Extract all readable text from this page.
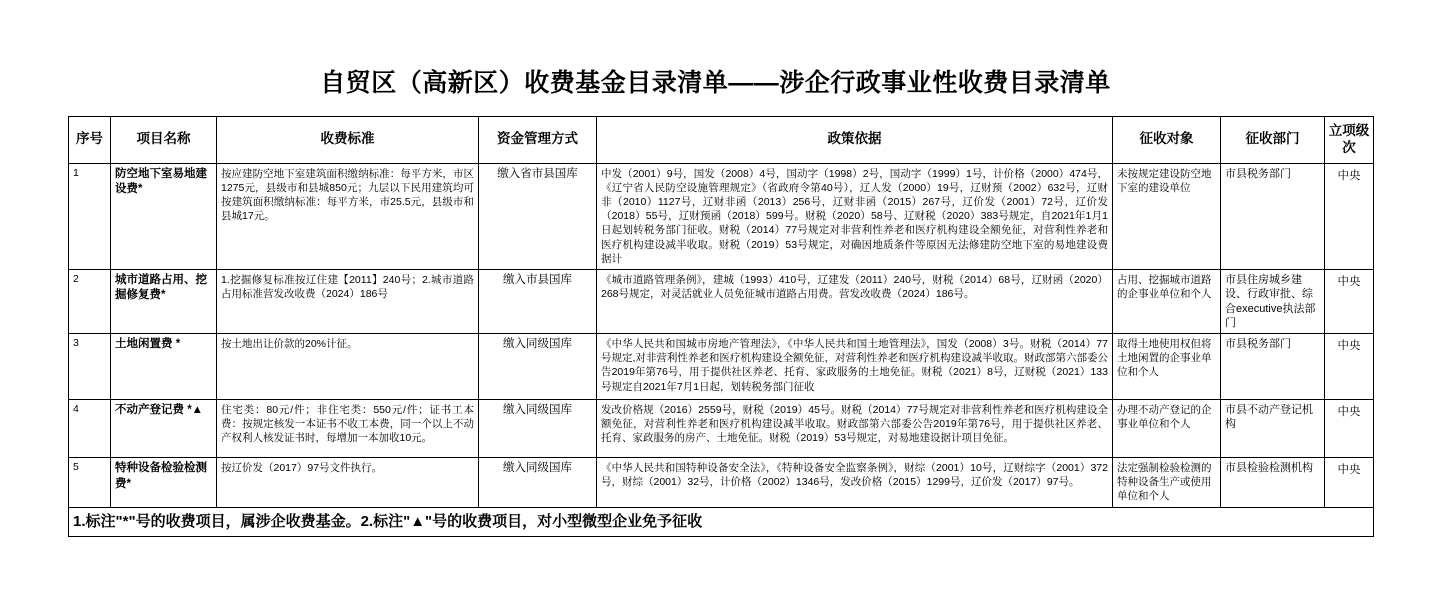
自贸区（高新区）收费基金目录清单——涉企行政事业性收费目录清单
序号	项目名称	收费标准	资金管理方式	政策依据	征收对象	征收部门	立项级次
1	防空地下室易地建设费*	按应建防空地下室建筑面积缴纳标准：每平方米，市区1275元，县级市和县城850元；九层以下民用建筑均可按建筑面积缴纳标准：每平方米，市25.5元，县级市和县城17元。	缴入省市县国库	中发（2001）9号，国发（2008）4号，国动字（1998）2号，国动字（1999）1号，计价格（2000）474号，《辽宁省人民防空设施管理规定》（省政府令第40号），辽人发（2000）19号，辽财预（2002）632号，辽财非（2010）1127号，辽财非函（2013）256号，辽财非函（2015）267号，辽价发（2001）72号，辽价发（2018）55号，辽财预函（2018）599号。财税（2020）58号、辽财税（2020）383号规定，自2021年1月1日起划转税务部门征收。财税（2014）77号规定对非营利性养老和医疗机构建设全额免征，对营利性养老和医疗机构建设减半收取。财税（2019）53号规定，对确因地质条件等原因无法修建防空地下室的易地建设费据计	未按规定建设防空地下室的建设单位	市县税务部门	中央
2	城市道路占用、挖掘修复费*	1.挖掘修复标准按辽住建【2011】240号；2.城市道路占用标准营发改收费（2024）186号	缴入市县国库	《城市道路管理条例》，建城（1993）410号，辽建发（2011）240号，财税（2014）68号，辽财函（2020）268号规定，对灵活就业人员免征城市道路占用费。营发改收费（2024）186号。	占用、挖掘城市道路的企事业单位和个人	市县住房城乡建设、行政审批、综合executive执法部门	中央
3	土地闲置费 *	按土地出让价款的20%计征。	缴入同级国库	《中华人民共和国城市房地产管理法》，《中华人民共和国土地管理法》，国发（2008）3号。财税（2014）77号规定,对非营利性养老和医疗机构建设全额免征，对营利性养老和医疗机构建设减半收取。财政部第六部委公告2019年第76号，用于提供社区养老、托育、家政服务的土地免征。财税（2021）8号，辽财税（2021）133号规定自2021年7月1日起，划转税务部门征收	取得土地使用权但将土地闲置的企事业单位和个人	市县税务部门	中央
4	不动产登记费 *▲	住宅类：80元/件；非住宅类：550元/件；证书工本费：按规定核发一本证书不收工本费，同一个以上不动产权利人核发证书时，每增加一本加收10元。	缴入同级国库	发改价格规（2016）2559号，财税（2019）45号。财税（2014）77号规定对非营利性养老和医疗机构建设全额免征，对营利性养老和医疗机构建设减半收取。财政部第六部委公告2019年第76号，用于提供社区养老、托育、家政服务的房产、土地免征。财税（2019）53号规定，对易地建设据计项目免征。	办理不动产登记的企事业单位和个人	市县不动产登记机构	中央
5	特种设备检验检测费*	按辽价发（2017）97号文件执行。	缴入同级国库	《中华人民共和国特种设备安全法》，《特种设备安全监察条例》，财综（2001）10号，辽财综字（2001）372号，财综（2001）32号，计价格（2002）1346号，发改价格（2015）1299号，辽价发（2017）97号。	法定强制检验检测的特种设备生产或使用单位和个人	市县检验检测机构	中央
1.标注"*"号的收费项目，属涉企收费基金。2.标注"▲"号的收费项目，对小型微型企业免予征收							
